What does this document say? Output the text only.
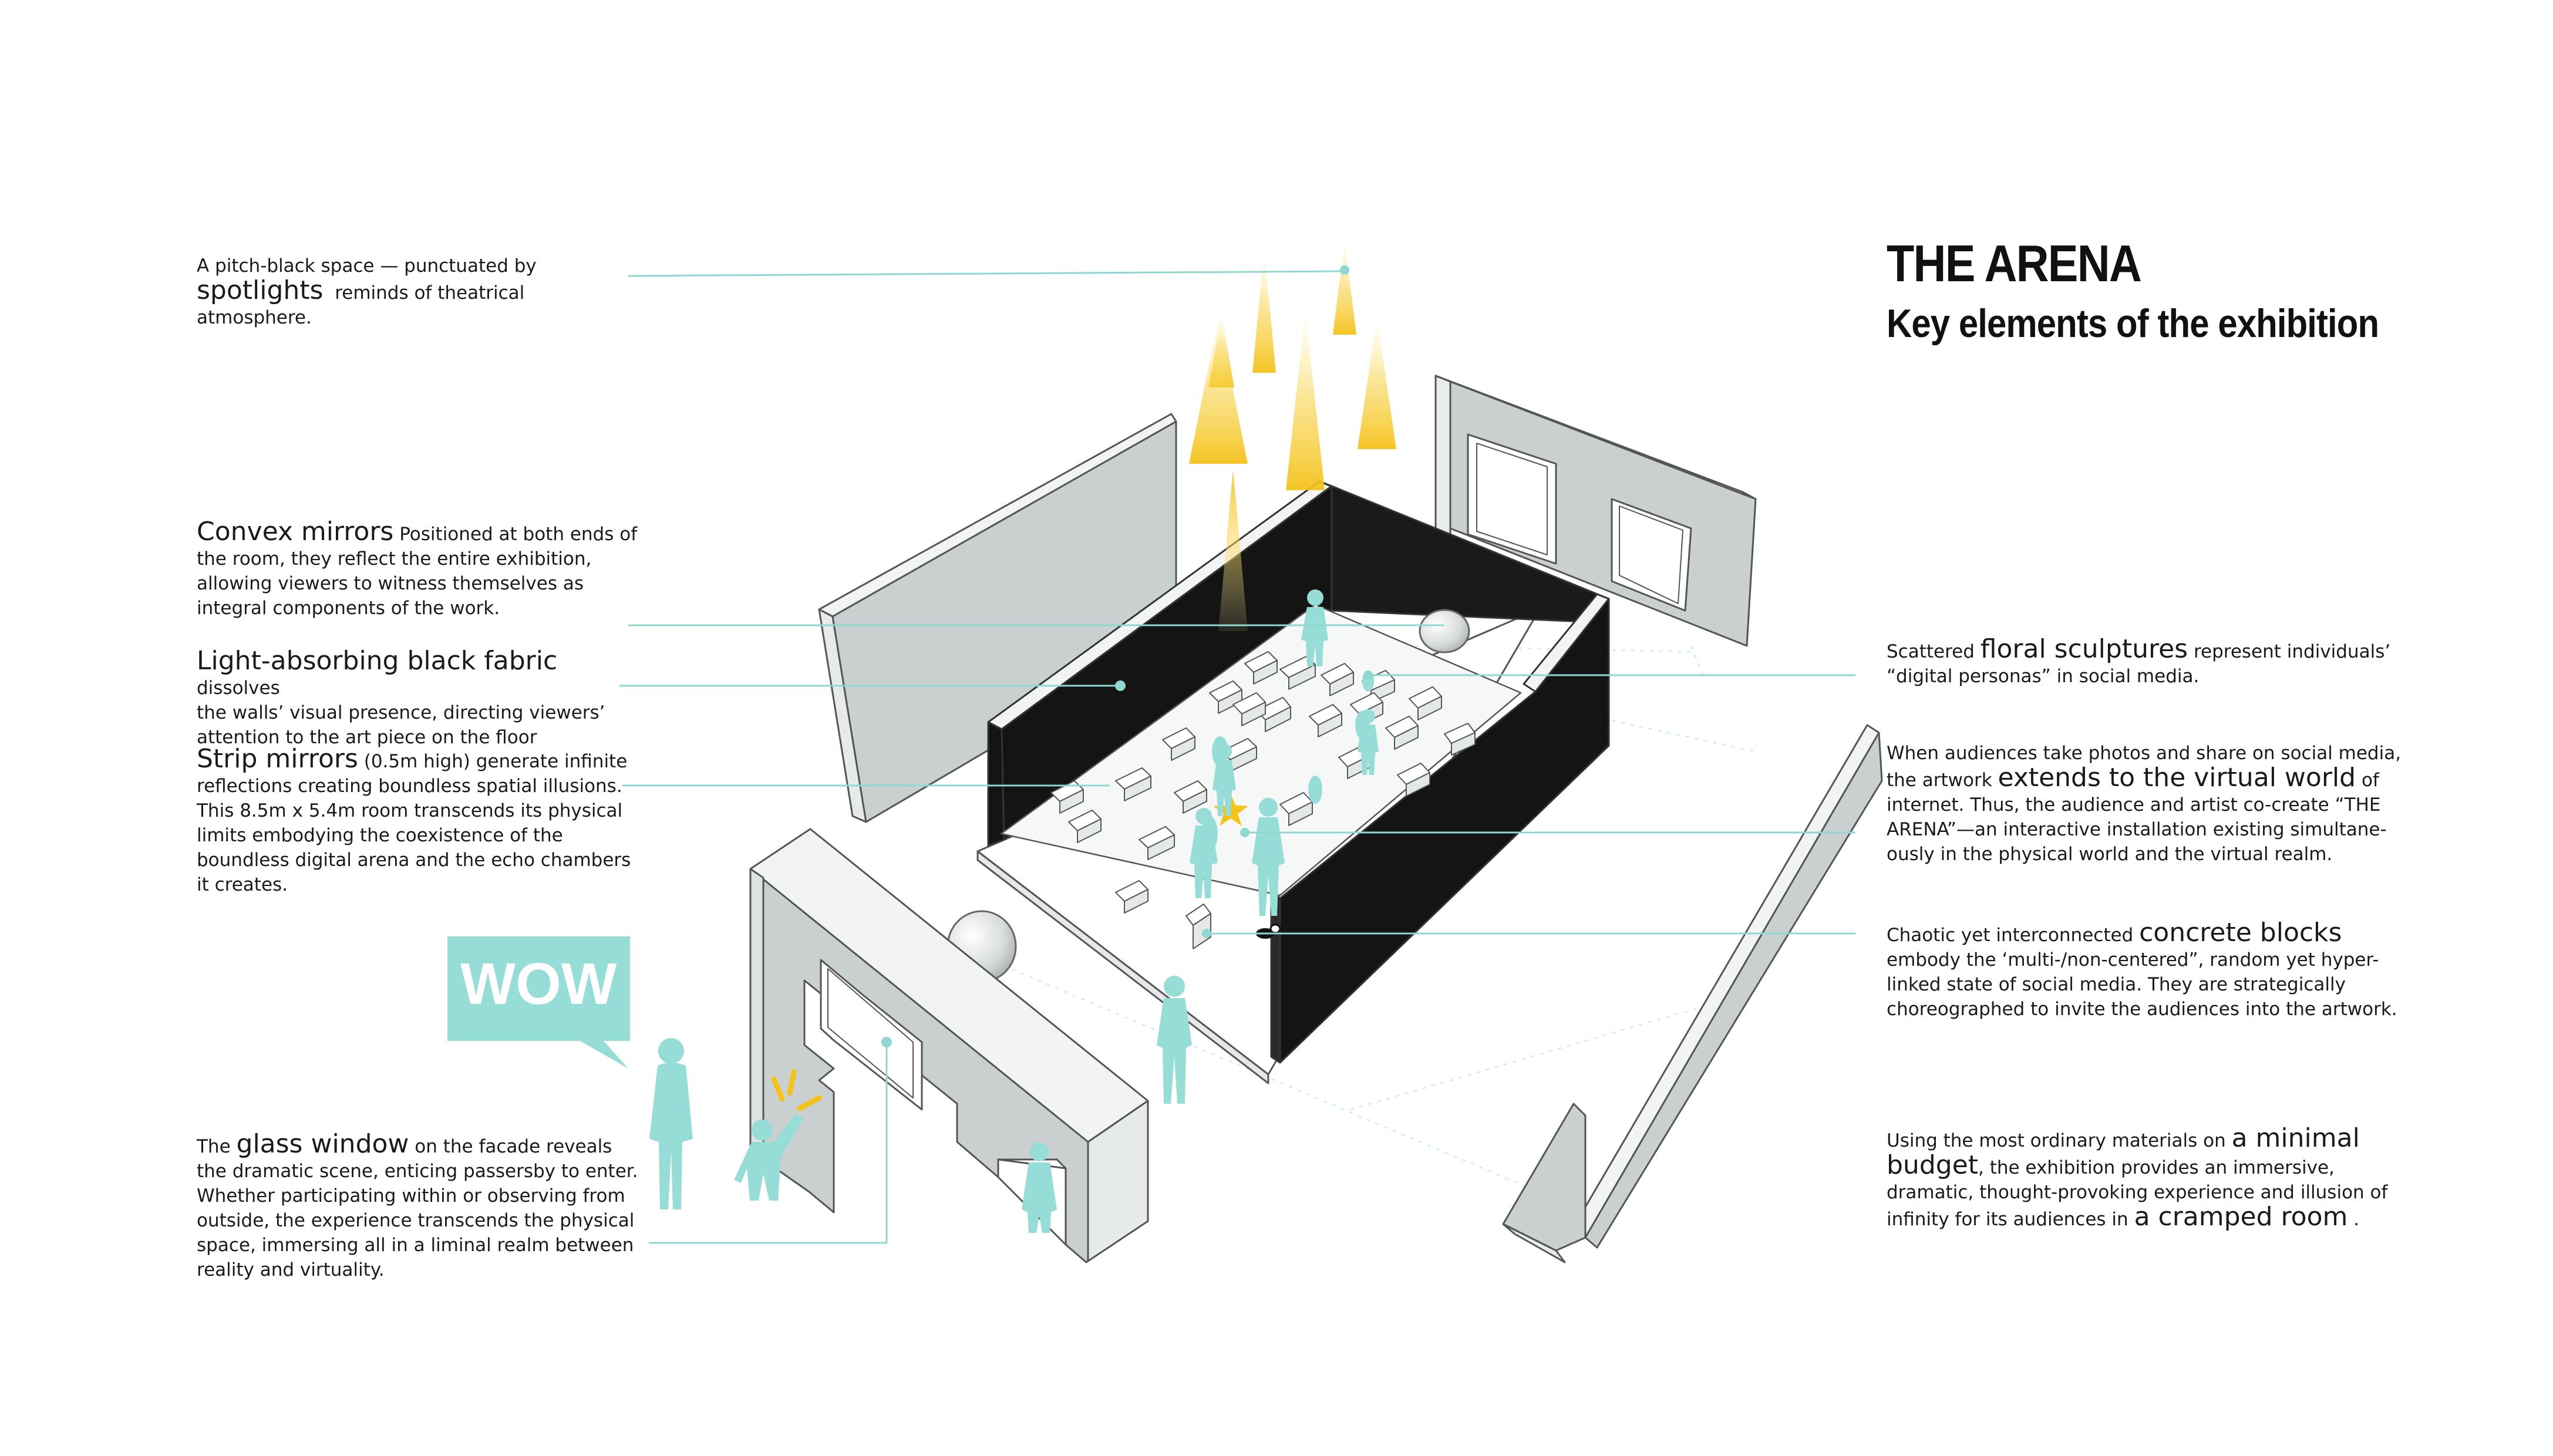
WOW
THE ARENA
Key elements of the exhibition
A pitch-black space — punctuated by
spotlights reminds of theatrical atmosphere.
Convex mirrors Positioned at both ends of
the room, they reflect the entire exhibition,
allowing viewers to witness themselves as
integral components of the work.
Light-absorbing black fabric dissolves
the walls’ visual presence, directing viewers’
attention to the art piece on the floor
Strip mirrors (0.5m high) generate infinite
reflections creating boundless spatial illusions.
This 8.5m x 5.4m room transcends its physical
limits embodying the coexistence of the
boundless digital arena and the echo chambers
it creates.
The glass window on the facade reveals
the dramatic scene, enticing passersby to enter.
Whether participating within or observing from
outside, the experience transcends the physical
space, immersing all in a liminal realm between
reality and virtuality.
Scattered floral sculptures represent individuals’
“digital personas” in social media.
When audiences take photos and share on social media,
the artwork extends to the virtual world of
internet. Thus, the audience and artist co-create “THE
ARENA”—an interactive installation existing simultane-
ously in the physical world and the virtual realm.
Chaotic yet interconnected concrete blocks
embody the ‘multi-/non-centered”, random yet hyper-
linked state of social media. They are strategically
choreographed to invite the audiences into the artwork.
Using the most ordinary materials on a minimal
budget, the exhibition provides an immersive,
dramatic, thought-provoking experience and illusion of
infinity for its audiences in a cramped room .
